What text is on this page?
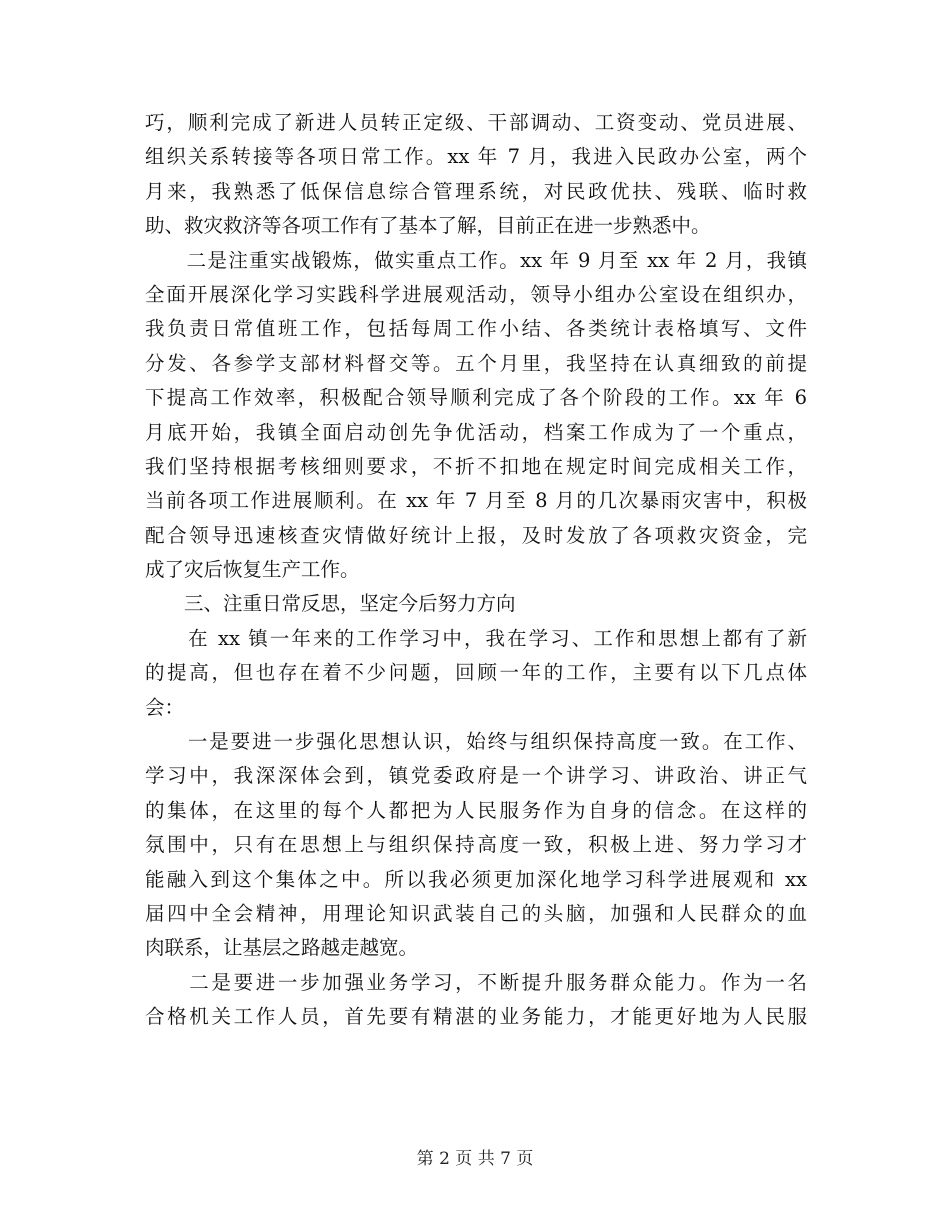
巧，顺利完成了新进人员转正定级、干部调动、工资变动、党员进展、
组织关系转接等各项日常工作。xx 年 7 月，我进入民政办公室，两个
月来，我熟悉了低保信息综合管理系统，对民政优扶、残联、临时救
助、救灾救济等各项工作有了基本了解，目前正在进一步熟悉中。
　　二是注重实战锻炼，做实重点工作。xx 年 9 月至 xx 年 2 月，我镇
全面开展深化学习实践科学进展观活动，领导小组办公室设在组织办，
我负责日常值班工作，包括每周工作小结、各类统计表格填写、文件
分发、各参学支部材料督交等。五个月里，我坚持在认真细致的前提
下提高工作效率，积极配合领导顺利完成了各个阶段的工作。xx 年 6
月底开始，我镇全面启动创先争优活动，档案工作成为了一个重点，
我们坚持根据考核细则要求，不折不扣地在规定时间完成相关工作，
当前各项工作进展顺利。在 xx 年 7 月至 8 月的几次暴雨灾害中，积极
配合领导迅速核查灾情做好统计上报，及时发放了各项救灾资金，完
成了灾后恢复生产工作。
　　三、注重日常反思，坚定今后努力方向
　　在 xx 镇一年来的工作学习中，我在学习、工作和思想上都有了新
的提高，但也存在着不少问题，回顾一年的工作，主要有以下几点体
会：
　　一是要进一步强化思想认识，始终与组织保持高度一致。在工作、
学习中，我深深体会到，镇党委政府是一个讲学习、讲政治、讲正气
的集体，在这里的每个人都把为人民服务作为自身的信念。在这样的
氛围中，只有在思想上与组织保持高度一致，积极上进、努力学习才
能融入到这个集体之中。所以我必须更加深化地学习科学进展观和 xx
届四中全会精神，用理论知识武装自己的头脑，加强和人民群众的血
肉联系，让基层之路越走越宽。
　　二是要进一步加强业务学习，不断提升服务群众能力。作为一名
合格机关工作人员，首先要有精湛的业务能力，才能更好地为人民服
第 2 页 共 7 页
